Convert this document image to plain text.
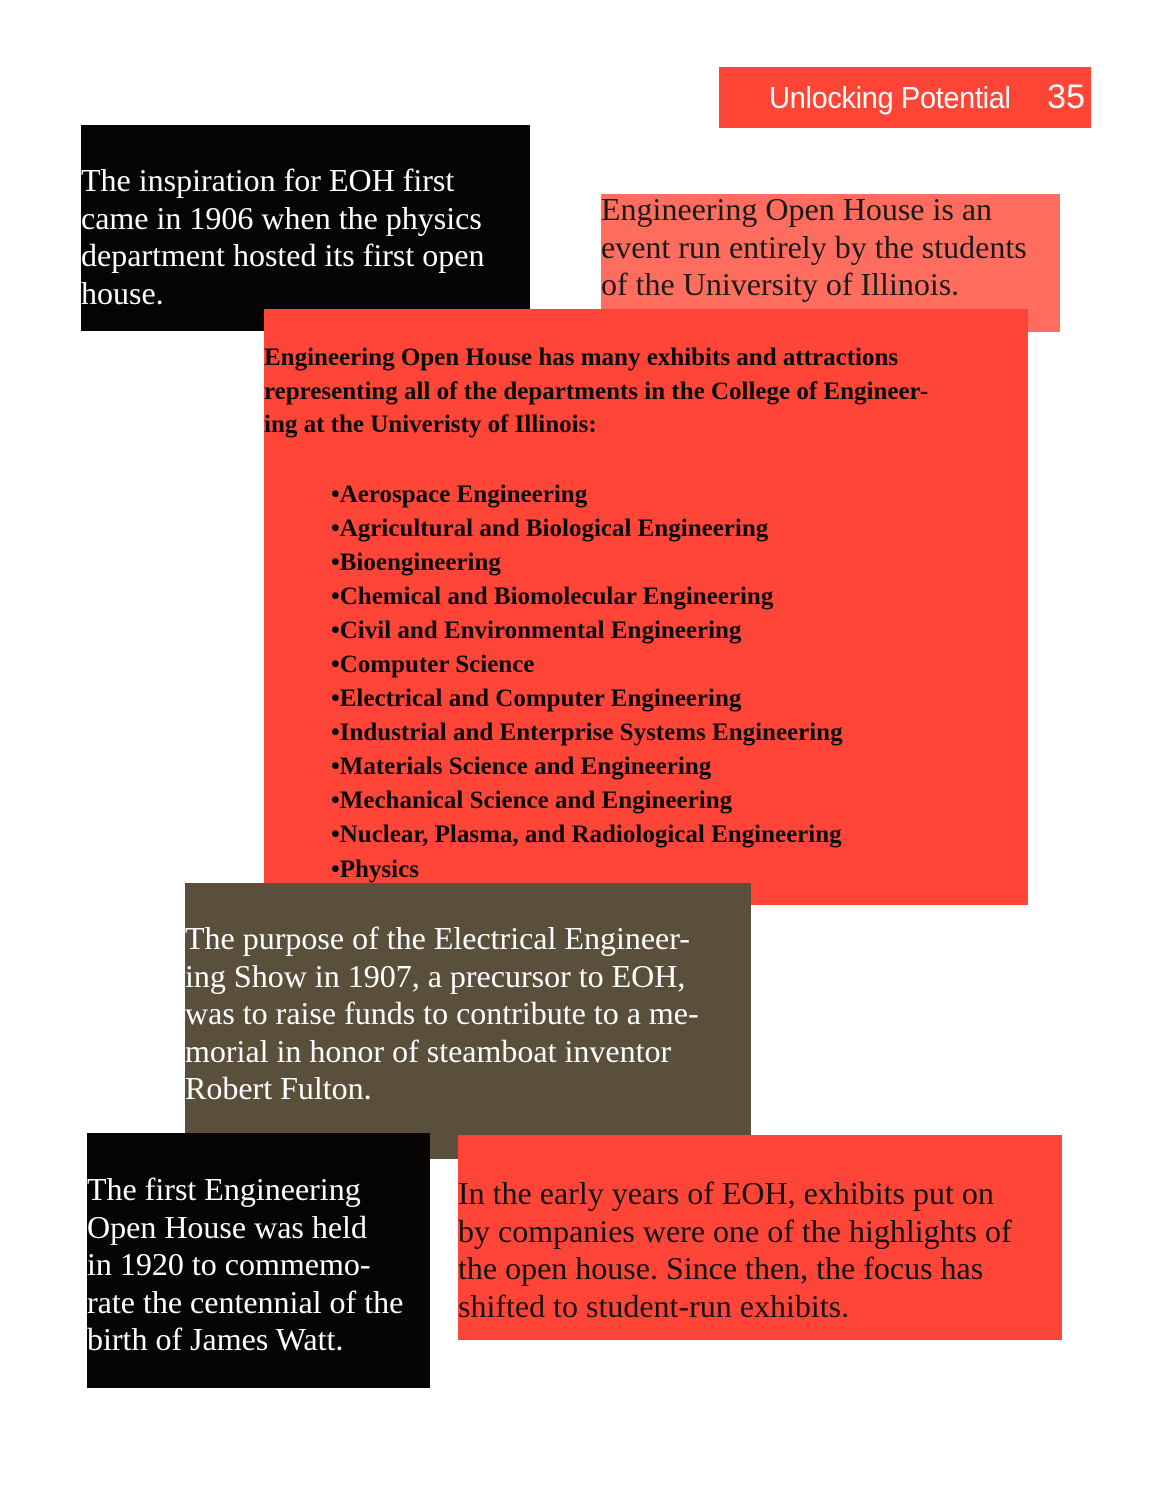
Unlocking Potential 35

The inspiration for EOH first
came in 1906 when the physics
department hosted its first open
house.

Engineering Open House is an
event run entirely by the students
of the University of Illinois.

Engineering Open House has many exhibits and attractions
representing all of the departments in the College of Engineer-
ing at the Univeristy of Illinois:

•Aerospace Engineering
•Agricultural and Biological Engineering
•Bioengineering
•Chemical and Biomolecular Engineering
•Civil and Environmental Engineering
•Computer Science
•Electrical and Computer Engineering
•Industrial and Enterprise Systems Engineering
•Materials Science and Engineering
•Mechanical Science and Engineering
•Nuclear, Plasma, and Radiological Engineering
•Physics

The purpose of the Electrical Engineer-
ing Show in 1907, a precursor to EOH,
was to raise funds to contribute to a me-
morial in honor of steamboat inventor
Robert Fulton.

The first Engineering
Open House was held
in 1920 to commemo-
rate the centennial of the
birth of James Watt.

In the early years of EOH, exhibits put on
by companies were one of the highlights of
the open house. Since then, the focus has
shifted to student-run exhibits.
